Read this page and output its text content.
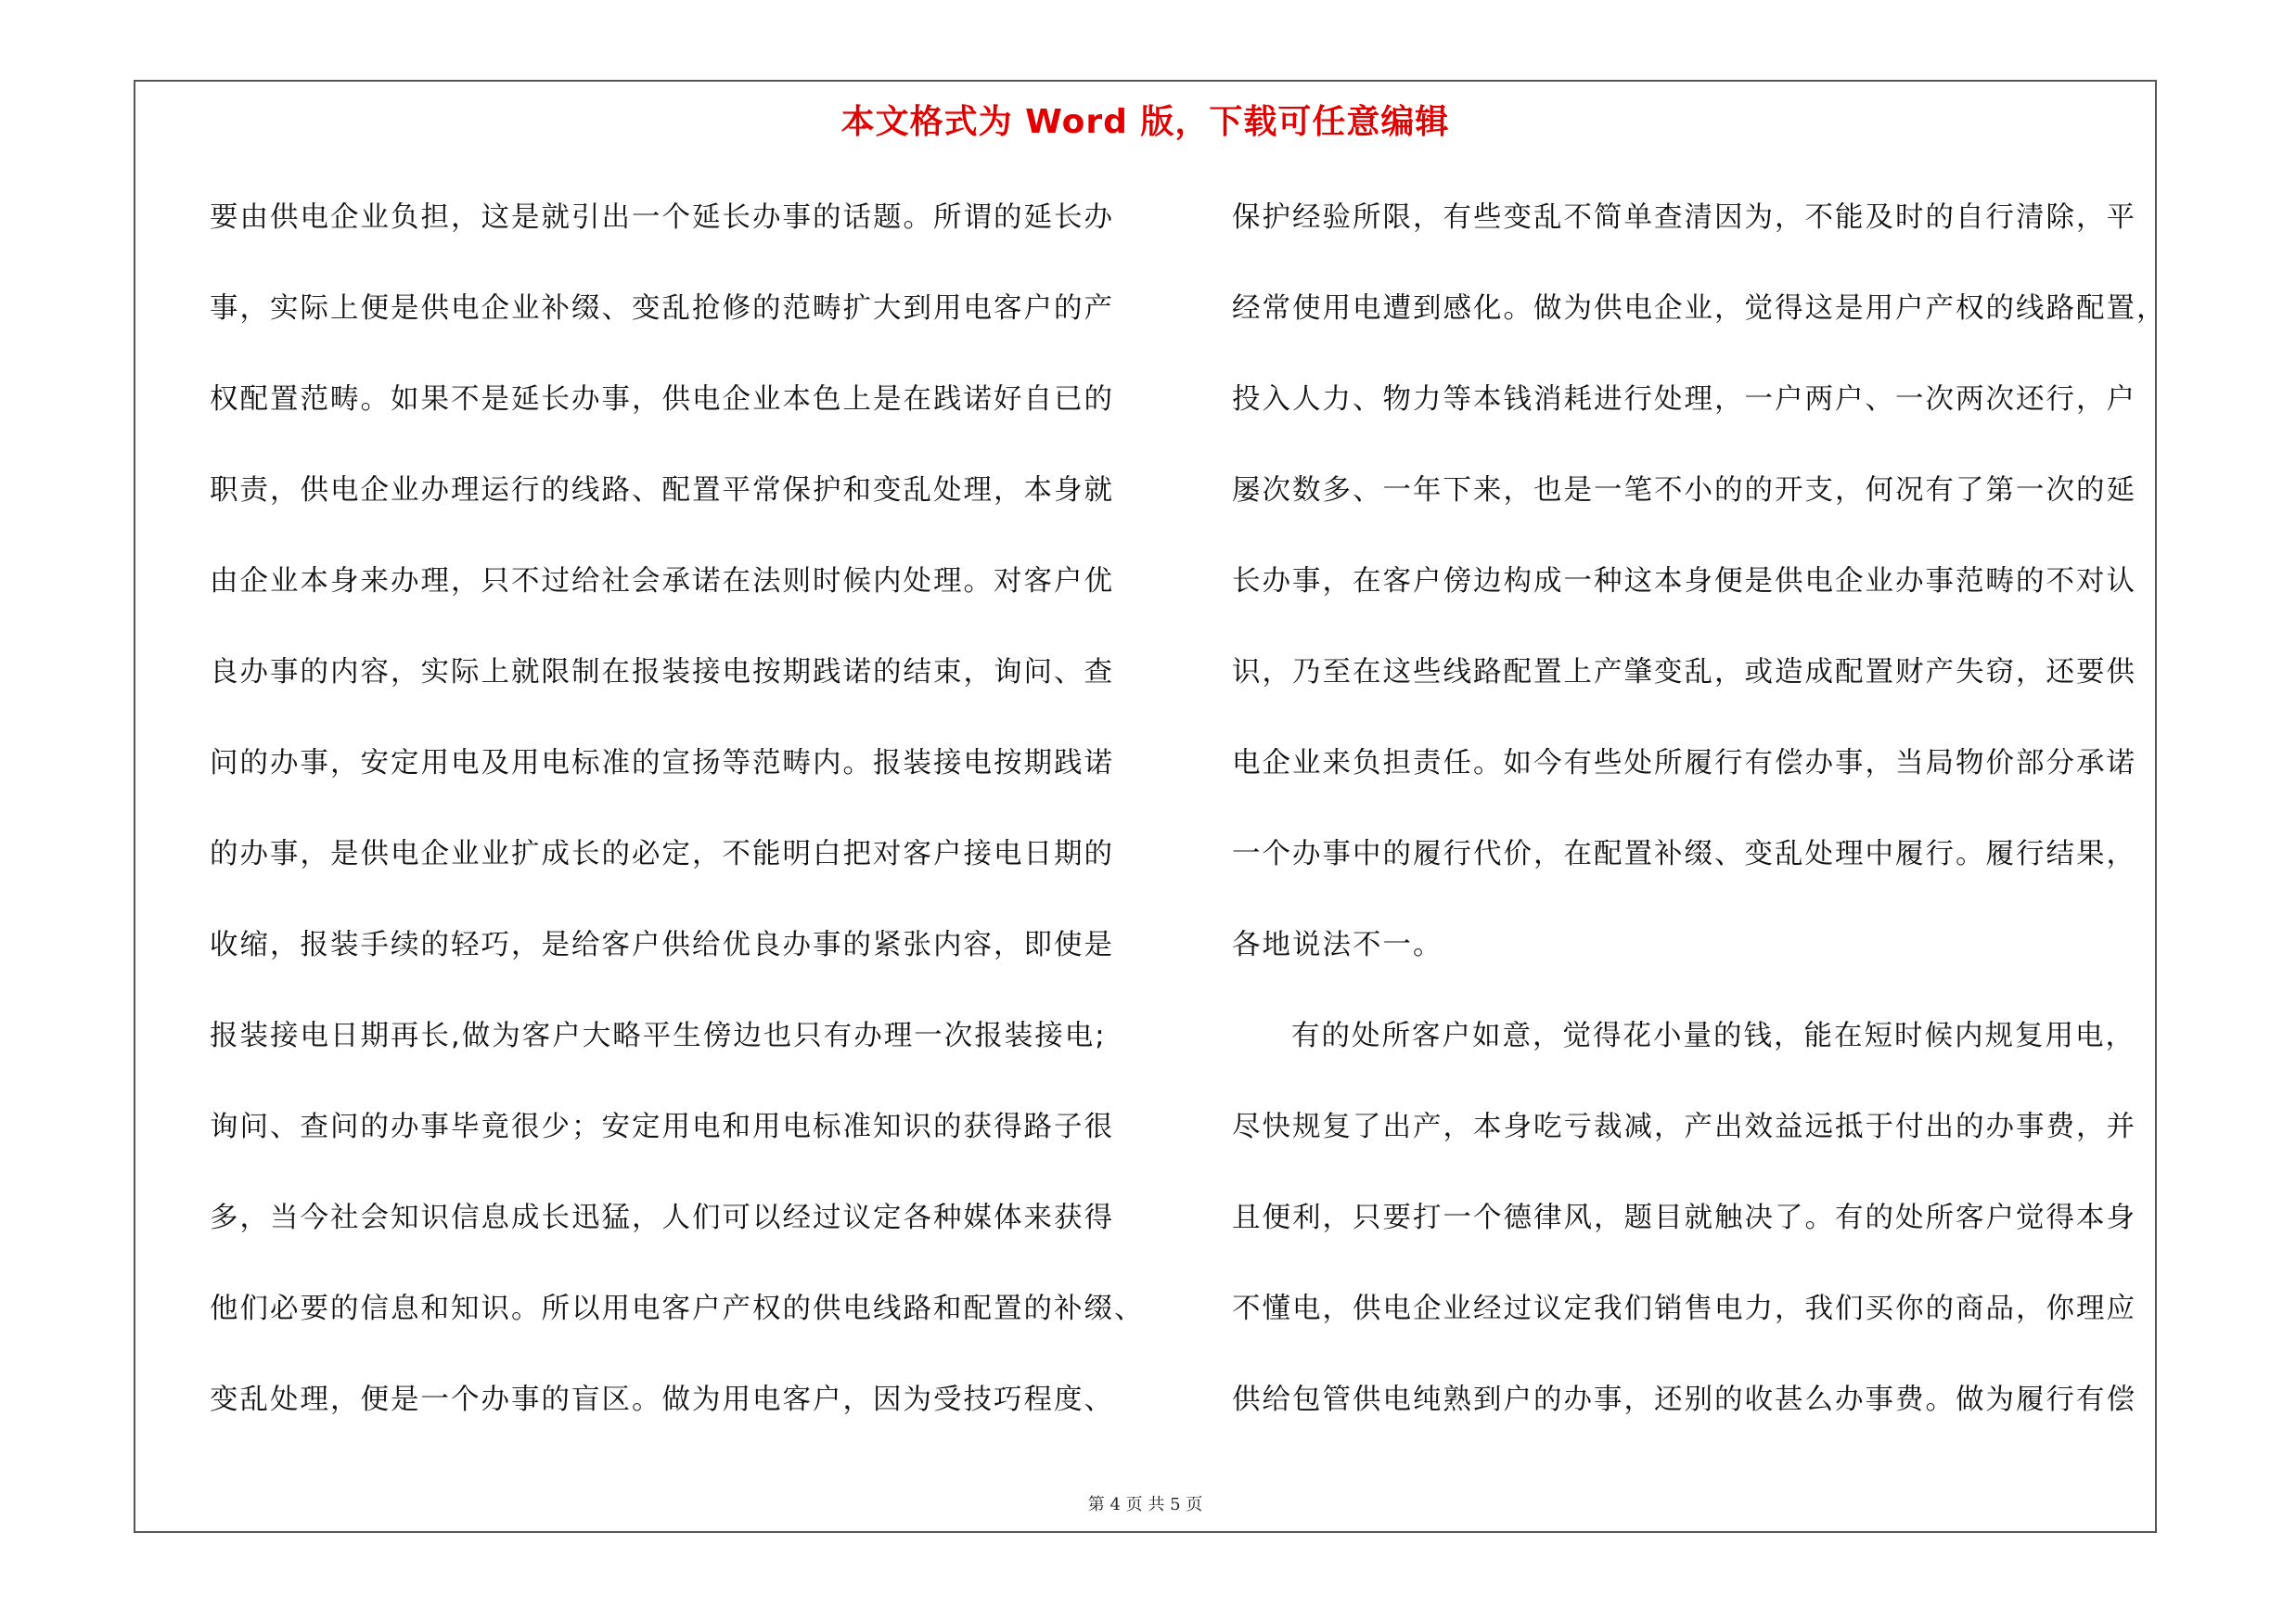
本文格式为 Word 版，下载可任意编辑
要由供电企业负担，这是就引出一个延长办事的话题。所谓的延长办
事，实际上便是供电企业补缀、变乱抢修的范畴扩大到用电客户的产
权配置范畴。如果不是延长办事，供电企业本色上是在践诺好自已的
职责，供电企业办理运行的线路、配置平常保护和变乱处理，本身就
由企业本身来办理，只不过给社会承诺在法则时候内处理。对客户优
良办事的内容，实际上就限制在报装接电按期践诺的结束，询问、查
问的办事，安定用电及用电标准的宣扬等范畴内。报装接电按期践诺
的办事，是供电企业业扩成长的必定，不能明白把对客户接电日期的
收缩，报装手续的轻巧，是给客户供给优良办事的紧张内容，即使是
报装接电日期再长,做为客户大略平生傍边也只有办理一次报装接电;
询问、查问的办事毕竟很少；安定用电和用电标准知识的获得路子很
多，当今社会知识信息成长迅猛，人们可以经过议定各种媒体来获得
他们必要的信息和知识。所以用电客户产权的供电线路和配置的补缀、
变乱处理，便是一个办事的盲区。做为用电客户，因为受技巧程度、
保护经验所限，有些变乱不简单查清因为，不能及时的自行清除，平
经常使用电遭到感化。做为供电企业，觉得这是用户产权的线路配置，
投入人力、物力等本钱消耗进行处理，一户两户、一次两次还行，户
屡次数多、一年下来，也是一笔不小的的开支，何况有了第一次的延
长办事，在客户傍边构成一种这本身便是供电企业办事范畴的不对认
识，乃至在这些线路配置上产肇变乱，或造成配置财产失窃，还要供
电企业来负担责任。如今有些处所履行有偿办事，当局物价部分承诺
一个办事中的履行代价，在配置补缀、变乱处理中履行。履行结果，
各地说法不一。
有的处所客户如意，觉得花小量的钱，能在短时候内规复用电，
尽快规复了出产，本身吃亏裁减，产出效益远抵于付出的办事费，并
且便利，只要打一个德律风，题目就触决了。有的处所客户觉得本身
不懂电，供电企业经过议定我们销售电力，我们买你的商品，你理应
供给包管供电纯熟到户的办事，还别的收甚么办事费。做为履行有偿
第 4 页 共 5 页
